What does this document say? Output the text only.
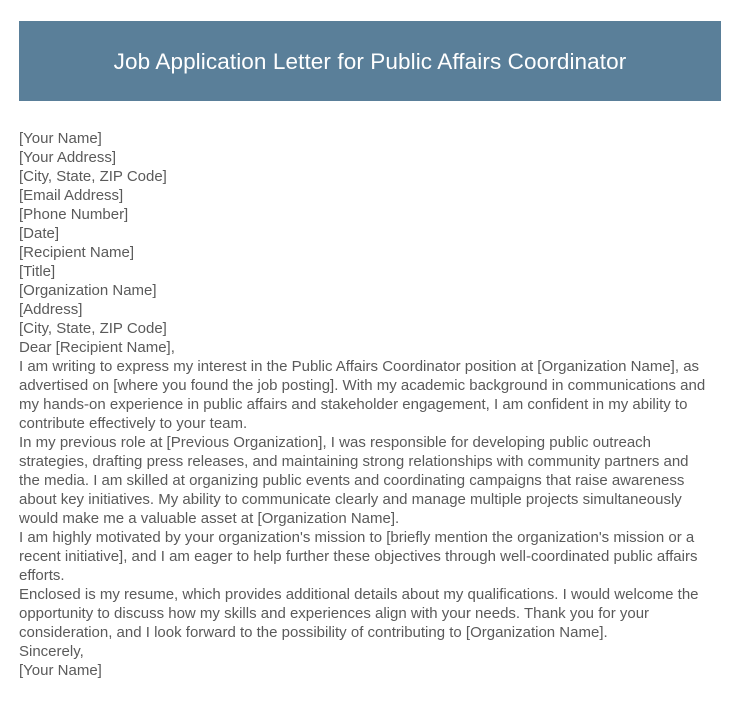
Job Application Letter for Public Affairs Coordinator
[Your Name]
[Your Address]
[City, State, ZIP Code]
[Email Address]
[Phone Number]
[Date]
[Recipient Name]
[Title]
[Organization Name]
[Address]
[City, State, ZIP Code]
Dear [Recipient Name],

I am writing to express my interest in the Public Affairs Coordinator position at [Organization Name], as advertised on [where you found the job posting]. With my academic background in communications and my hands-on experience in public affairs and stakeholder engagement, I am confident in my ability to contribute effectively to your team.

In my previous role at [Previous Organization], I was responsible for developing public outreach strategies, drafting press releases, and maintaining strong relationships with community partners and the media. I am skilled at organizing public events and coordinating campaigns that raise awareness about key initiatives. My ability to communicate clearly and manage multiple projects simultaneously would make me a valuable asset at [Organization Name].

I am highly motivated by your organization's mission to [briefly mention the organization's mission or a recent initiative], and I am eager to help further these objectives through well-coordinated public affairs efforts.

Enclosed is my resume, which provides additional details about my qualifications. I would welcome the opportunity to discuss how my skills and experiences align with your needs. Thank you for your consideration, and I look forward to the possibility of contributing to [Organization Name].

Sincerely,
[Your Name]
